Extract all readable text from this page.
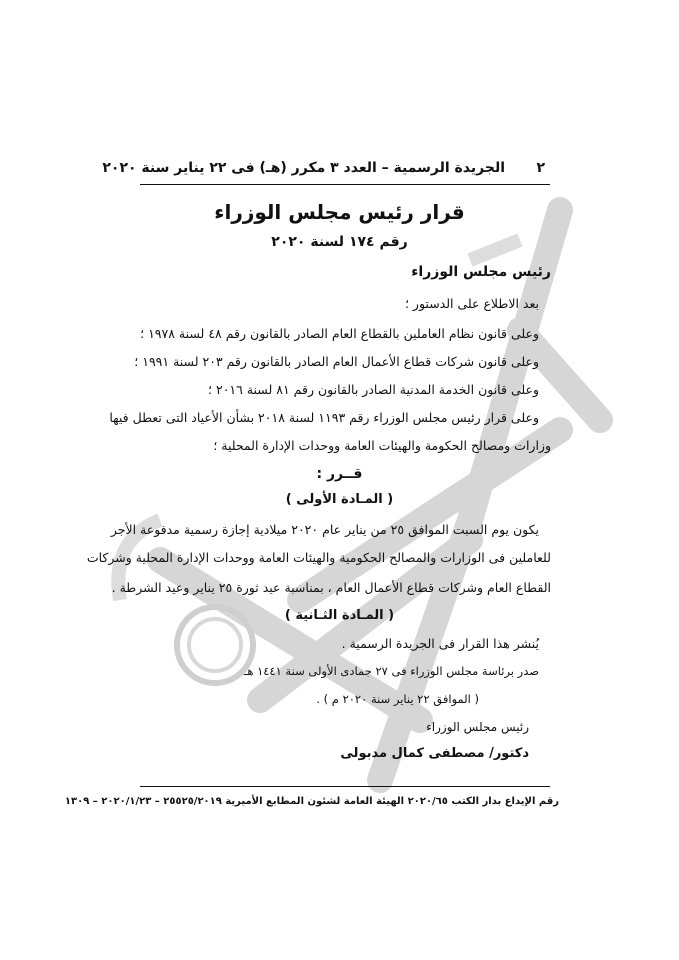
٢
الجريدة الرسمية – العدد ٣ مكرر (هـ) فى ٢٢ يناير سنة ٢٠٢٠
قرار رئيس مجلس الوزراء
رقم ١٧٤ لسنة ٢٠٢٠
رئيس مجلس الوزراء
بعد الاطلاع على الدستور ؛
وعلى قانون نظام العاملين بالقطاع العام الصادر بالقانون رقم ٤٨ لسنة ١٩٧٨ ؛
وعلى قانون شركات قطاع الأعمال العام الصادر بالقانون رقم ٢٠٣ لسنة ١٩٩١ ؛
وعلى قانون الخدمة المدنية الصادر بالقانون رقم ٨١ لسنة ٢٠١٦ ؛
وعلى قرار رئيس مجلس الوزراء رقم ١١٩٣ لسنة ٢٠١٨ بشأن الأعياد التى تعطل فيها
وزارات ومصالح الحكومة والهيئات العامة ووحدات الإدارة المحلية ؛
قــرر :
( المـادة الأولى )
يكون يوم السبت الموافق ٢٥ من يناير عام ٢٠٢٠ ميلادية إجازة رسمية مدفوعة الأجر
للعاملين فى الوزارات والمصالح الحكومية والهيئات العامة ووحدات الإدارة المحلية وشركات
القطاع العام وشركات قطاع الأعمال العام ، بمناسبة عيد ثورة ٢٥ يناير وعيد الشرطة .
( المـادة الثـانية )
يُنشر هذا القرار فى الجريدة الرسمية .
صدر برئاسة مجلس الوزراء فى ٢٧ جمادى الأولى سنة ١٤٤١ هـ
( الموافق ٢٢ يناير سنة ٢٠٢٠ م ) .
رئيس مجلس الوزراء
دكتور/ مصطفى كمال مدبولى
رقم الإيداع بدار الكتب ٢٠٢٠/٦٥ الهيئة العامة لشئون المطابع الأميرية ٢٥٥٢٥/٢٠١٩ – ٢٠٢٠/١/٢٣ – ١٣٠٩
